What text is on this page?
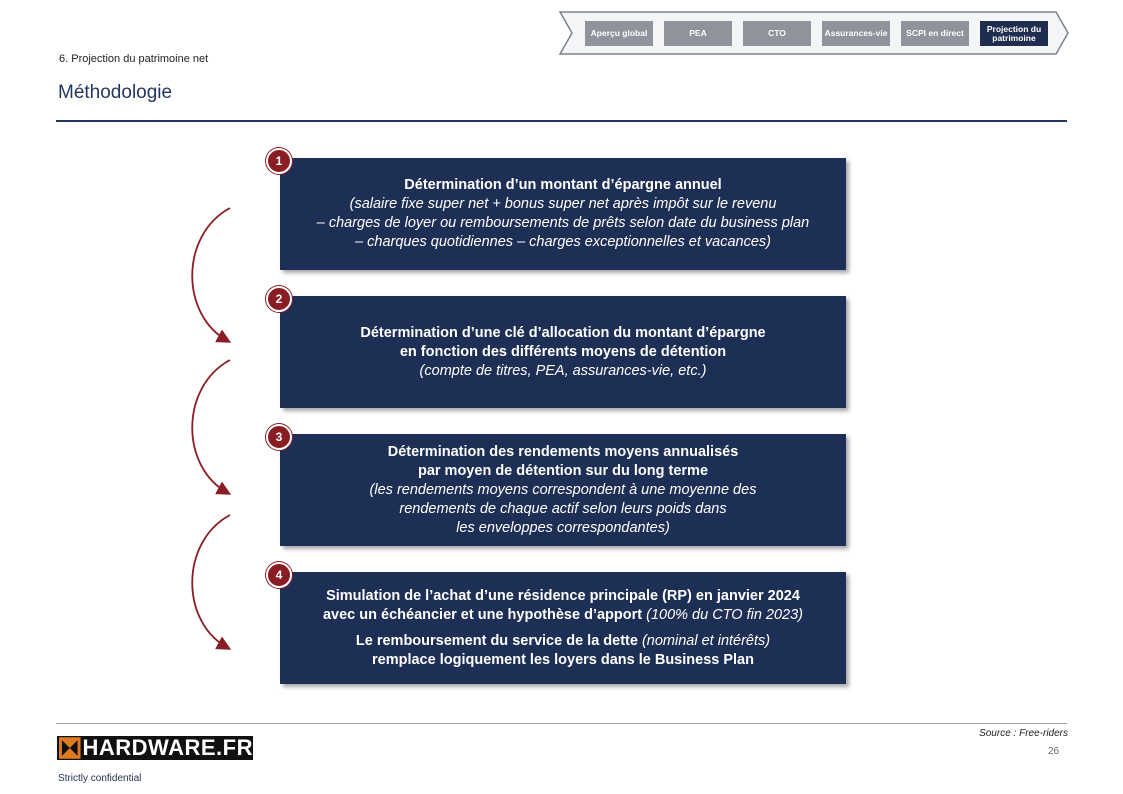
Aperçu global	PEA	CTO	Assurances-vie	SCPI en direct	Projection du patrimoine
6. Projection du patrimoine net
Méthodologie
Détermination d’un montant d’épargne annuel
(salaire fixe super net + bonus super net après impôt sur le revenu
– charges de loyer ou remboursements de prêts selon date du business plan
– charques quotidiennes – charges exceptionnelles et vacances)
1
Détermination d’une clé d’allocation du montant d’épargne
en fonction des différents moyens de détention
(compte de titres, PEA, assurances-vie, etc.)
2
Détermination des rendements moyens annualisés
par moyen de détention sur du long terme
(les rendements moyens correspondent à une moyenne des
rendements de chaque actif selon leurs poids dans
les enveloppes correspondantes)
3
Simulation de l’achat d’une résidence principale (RP) en janvier 2024
avec un échéancier et une hypothèse d’apport (100% du CTO fin 2023)
Le remboursement du service de la dette (nominal et intérêts)
remplace logiquement les loyers dans le Business Plan
4
Source : Free-riders
26
HARDWARE.FR
Strictly confidential
